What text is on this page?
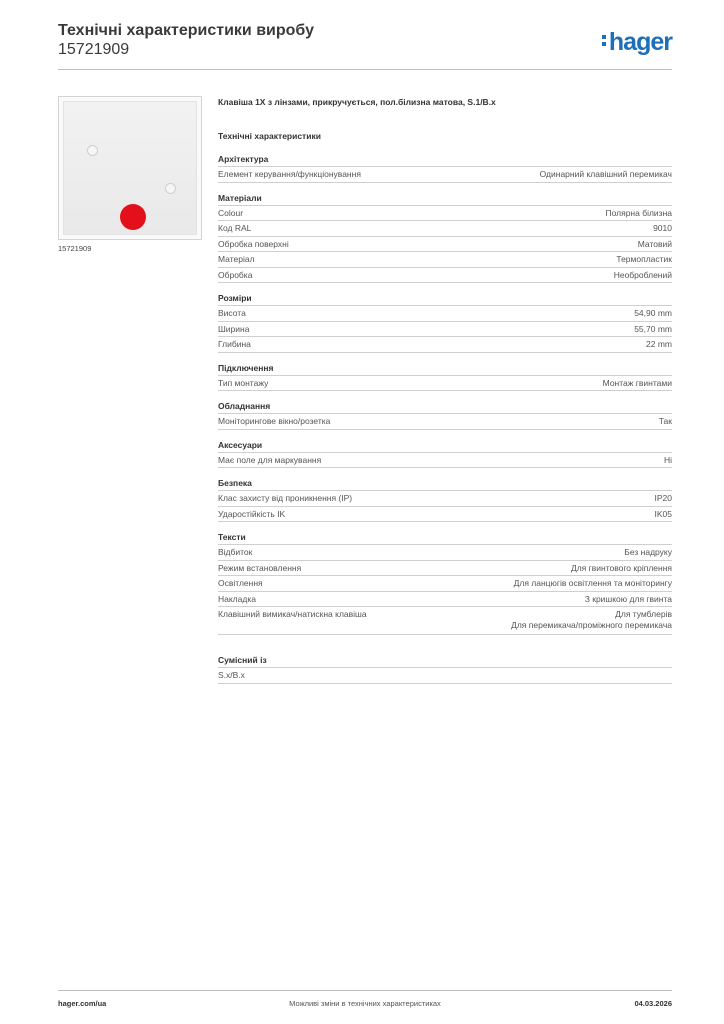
Технічні характеристики виробу
15721909	hager
15721909
Клавіша 1X з лінзами, прикручується, пол.білизна матова, S.1/B.x
Технічні характеристики
Архітектура
Елемент керування/функціонування	Одинарний клавішний перемикач
Матеріали
Colour	Полярна білизна
Код RAL	9010
Обробка поверхні	Матовий
Матеріал	Термопластик
Обробка	Необроблений
Розміри
Висота	54,90 mm
Ширина	55,70 mm
Глибина	22 mm
Підключення
Тип монтажу	Монтаж гвинтами
Обладнання
Моніторингове вікно/розетка	Так
Аксесуари
Має поле для маркування	Ні
Безпека
Клас захисту від проникнення (IP)	IP20
Ударостійкість IK	IK05
Тексти
Відбиток	Без надруку
Режим встановлення	Для гвинтового кріплення
Освітлення	Для ланцюгів освітлення та моніторингу
Накладка	З кришкою для гвинта
Клавішний вимикач/натискна клавіша	Для тумблерів
Для перемикача/проміжного перемикача
Сумісний із
S.x/B.x
hager.com/ua	Можливі зміни в технічних характеристиках	04.03.2026
